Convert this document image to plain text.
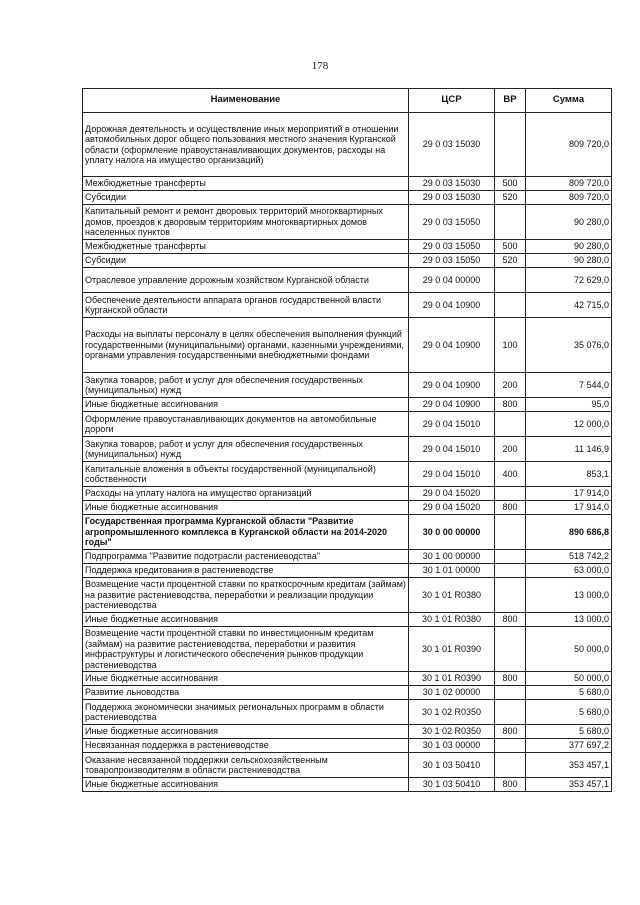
178
Наименование	ЦСР	ВР	Сумма
Дорожная деятельность и осуществление иных мероприятий в отношении автомобильных дорог общего пользования местного значения Курганской области (оформление правоустанавливающих документов, расходы на уплату налога на имущество организаций)	29 0 03 15030		809 720,0
Межбюджетные трансферты	29 0 03 15030	500	809 720,0
Субсидии	29 0 03 15030	520	809 720,0
Капитальный ремонт и ремонт дворовых территорий многоквартирных домов, проездов к дворовым территориям многоквартирных домов населенных пунктов	29 0 03 15050		90 280,0
Межбюджетные трансферты	29 0 03 15050	500	90 280,0
Субсидии	29 0 03 15050	520	90 280,0
Отраслевое управление дорожным хозяйством Курганской области	29 0 04 00000		72 629,0
Обеспечение деятельности аппарата органов государственной власти Курганской области	29 0 04 10900		42 715,0
Расходы на выплаты персоналу в целях обеспечения выполнения функций государственными (муниципальными) органами, казенными учреждениями, органами управления государственными внебюджетными фондами	29 0 04 10900	100	35 076,0
Закупка товаров, работ и услуг для обеспечения государственных (муниципальных) нужд	29 0 04 10900	200	7 544,0
Иные бюджетные ассигнования	29 0 04 10900	800	95,0
Оформление правоустанавливающих документов на автомобильные дороги	29 0 04 15010		12 000,0
Закупка товаров, работ и услуг для обеспечения государственных (муниципальных) нужд	29 0 04 15010	200	11 146,9
Капитальные вложения в объекты государственной (муниципальной) собственности	29 0 04 15010	400	853,1
Расходы на уплату налога на имущество организаций	29 0 04 15020		17 914,0
Иные бюджетные ассигнования	29 0 04 15020	800	17 914,0
Государственная программа Курганской области "Развитие агропромышленного комплекса в Курганской области на 2014-2020 годы"	30 0 00 00000		890 686,8
Подпрограмма "Развитие подотрасли растениеводства"	30 1 00 00000		518 742,2
Поддержка кредитования в растениеводстве	30 1 01 00000		63 000,0
Возмещение части процентной ставки по краткосрочным кредитам (займам) на развитие растениеводства, переработки и реализации продукции растениеводства	30 1 01 R0380		13 000,0
Иные бюджетные ассигнования	30 1 01 R0380	800	13 000,0
Возмещение части процентной ставки по инвестиционным кредитам (займам) на развитие растениеводства, переработки и развития инфраструктуры и логистического обеспечения рынков продукции растениеводства	30 1 01 R0390		50 000,0
Иные бюджетные ассигнования	30 1 01 R0390	800	50 000,0
Развитие льноводства	30 1 02 00000		5 680,0
Поддержка экономически значимых региональных программ в области растениеводства	30 1 02 R0350		5 680,0
Иные бюджетные ассигнования	30 1 02 R0350	800	5 680,0
Несвязанная поддержка в растениеводстве	30 1 03 00000		377 697,2
Оказание несвязанной поддержки сельскохозяйственным товаропроизводителям в области растениеводства	30 1 03 50410		353 457,1
Иные бюджетные ассигнования	30 1 03 50410	800	353 457,1
